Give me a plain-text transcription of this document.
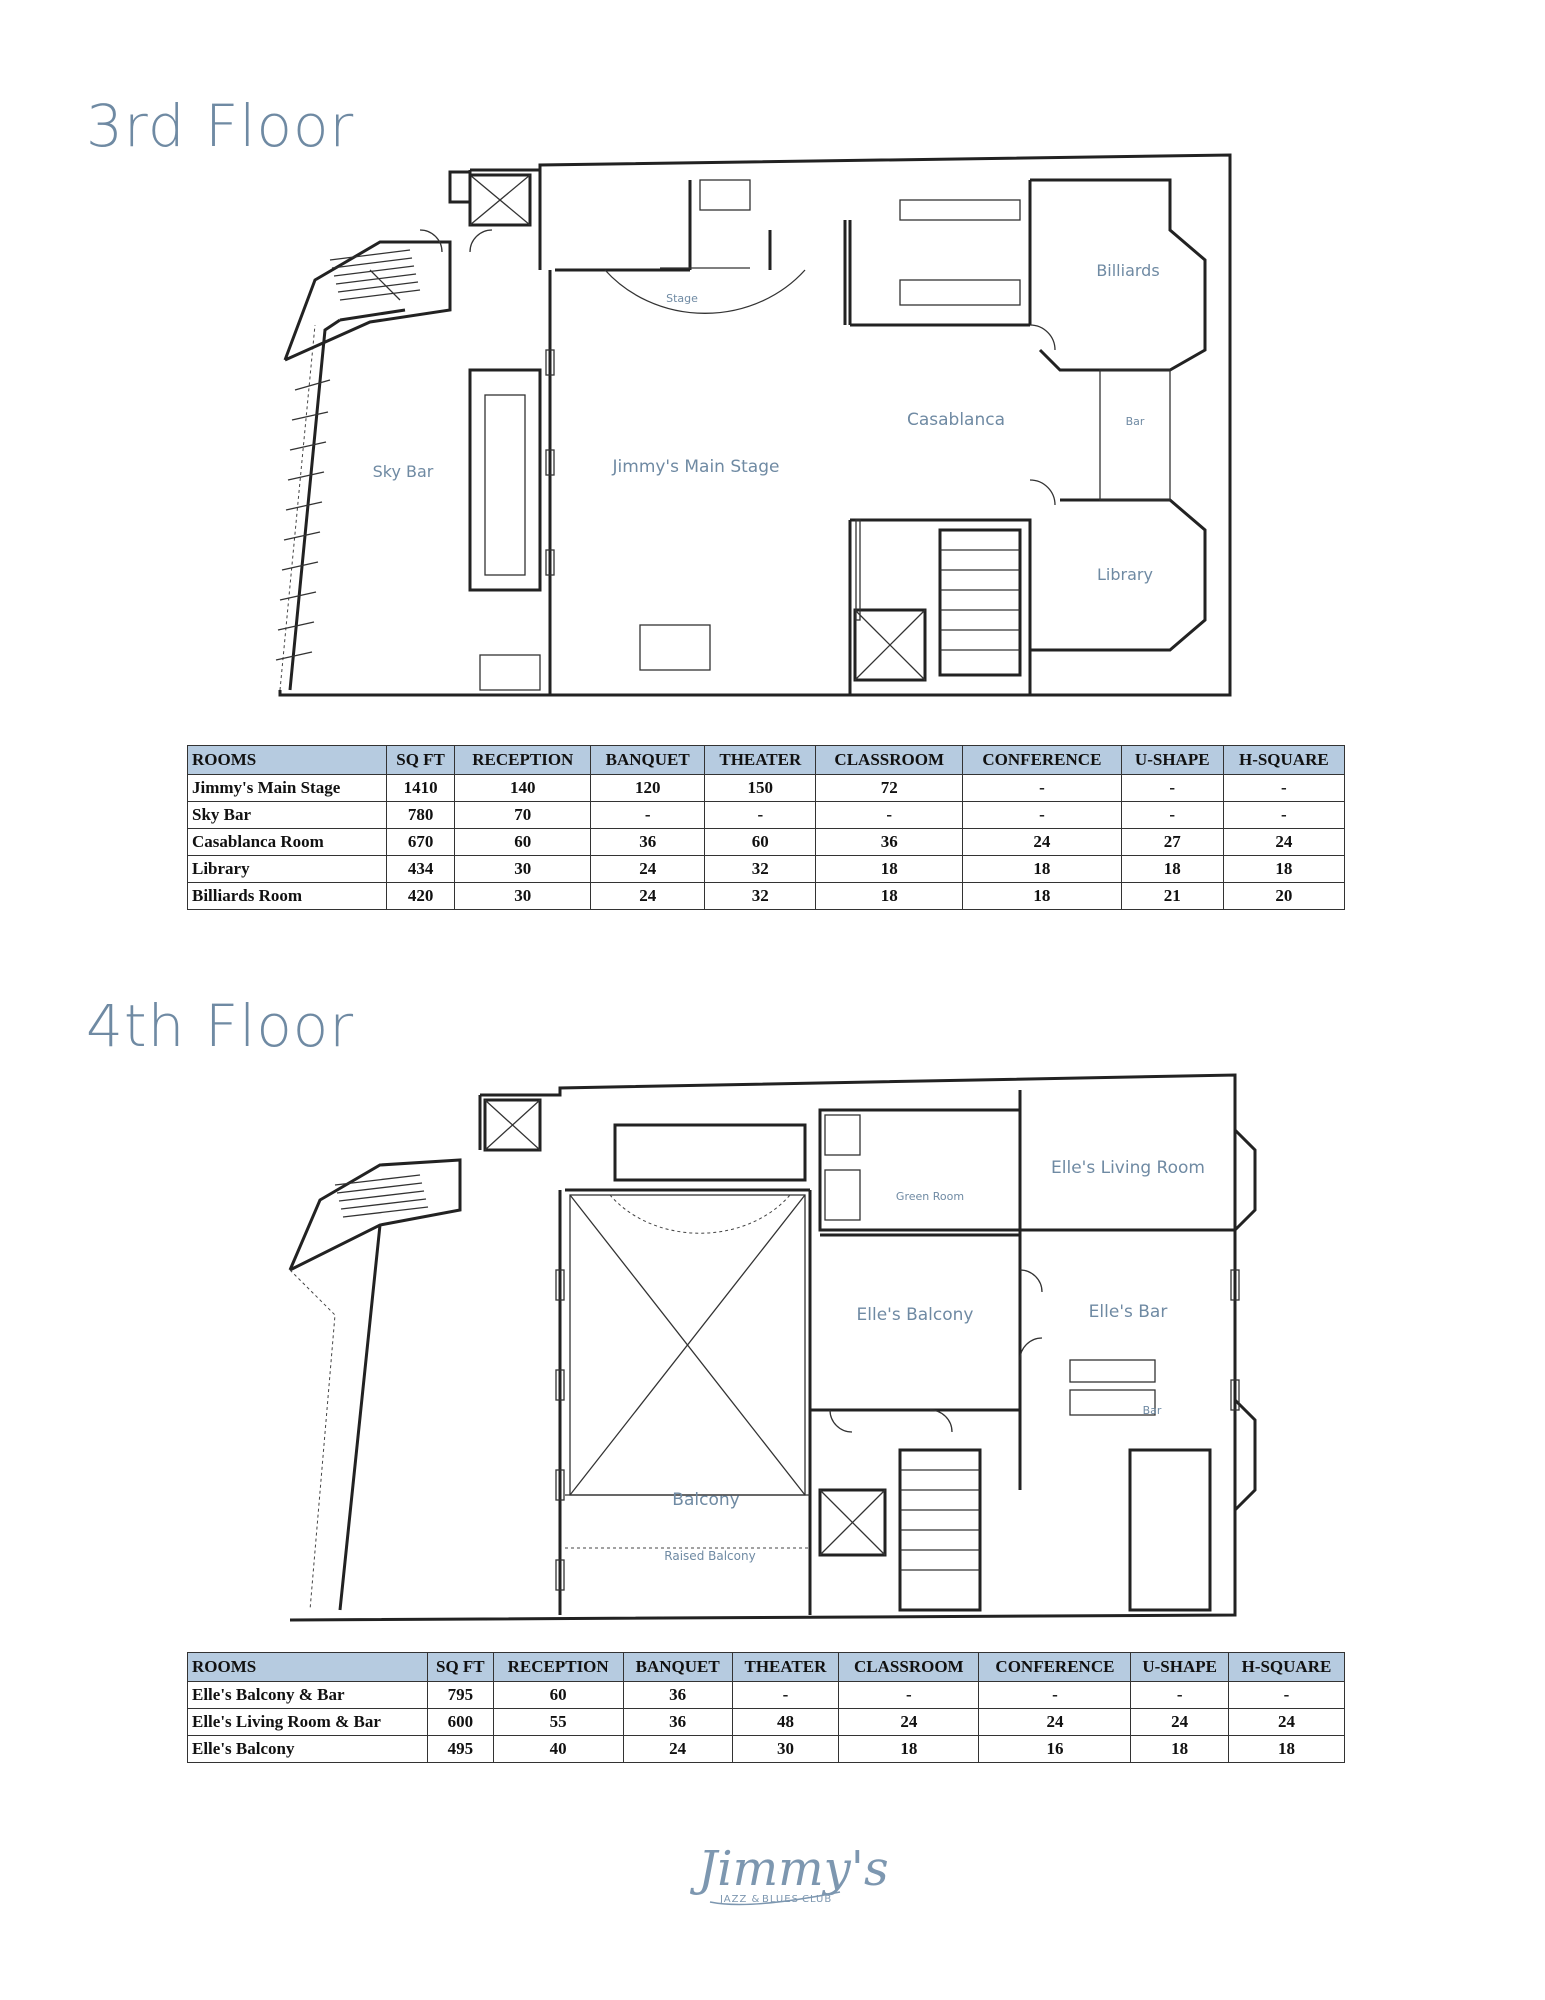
3rd Floor
Stage
Billiards
Casablanca	Bar
Sky Bar	Jimmy's Main Stage
Library
ROOMS	SQ FT	RECEPTION	BANQUET	THEATER	CLASSROOM	CONFERENCE	U-SHAPE	H-SQUARE
Jimmy's Main Stage	1410	140	120	150	72	-	-	-
Sky Bar	780	70	-	-	-	-	-	-
Casablanca Room	670	60	36	60	36	24	27	24
Library	434	30	24	32	18	18	18	18
Billiards Room	420	30	24	32	18	18	21	20
4th Floor
Green Room
Elle's Living Room
Elle's Balcony	Elle's Bar
Bar
Balcony
Raised Balcony
ROOMS	SQ FT	RECEPTION	BANQUET	THEATER	CLASSROOM	CONFERENCE	U-SHAPE	H-SQUARE
Elle's Balcony & Bar	795	60	36	-	-	-	-	-
Elle's Living Room & Bar	600	55	36	48	24	24	24	24
Elle's Balcony	495	40	24	30	18	16	18	18
Jimmy's
JAZZ & BLUES CLUB
